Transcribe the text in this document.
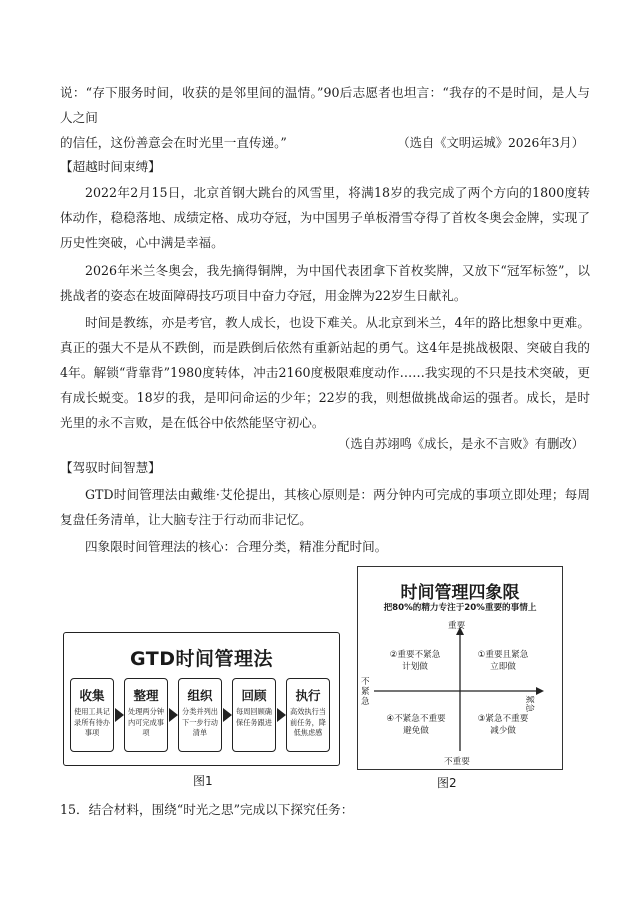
说：“存下服务时间，收获的是邻里间的温情。”90后志愿者也坦言：“我存的不是时间，是人与人之间
的信任，这份善意会在时光里一直传递。”	（选自《文明运城》2026年3月）
【超越时间束缚】

2022年2月15日，北京首钢大跳台的风雪里，将满18岁的我完成了两个方向的1800度转体动作，稳稳落地、成绩定格、成功夺冠，为中国男子单板滑雪夺得了首枚冬奥会金牌，实现了历史性突破，心中满是幸福。

2026年米兰冬奥会，我先摘得铜牌，为中国代表团拿下首枚奖牌，又放下“冠军标签”，以挑战者的姿态在坡面障碍技巧项目中奋力夺冠，用金牌为22岁生日献礼。

时间是教练，亦是考官，教人成长，也设下难关。从北京到米兰，4年的路比想象中更难。真正的强大不是从不跌倒，而是跌倒后依然有重新站起的勇气。这4年是挑战极限、突破自我的4年。解锁“背靠背”1980度转体，冲击2160度极限难度动作……我实现的不只是技术突破，更有成长蜕变。18岁的我，是叩问命运的少年；22岁的我，则想做挑战命运的强者。成长，是时光里的永不言败，是在低谷中依然能坚守初心。

（选自苏翊鸣《成长，是永不言败》有删改）
【驾驭时间智慧】

GTD时间管理法由戴维·艾伦提出，其核心原则是：两分钟内可完成的事项立即处理；每周复盘任务清单，让大脑专注于行动而非记忆。

四象限时间管理法的核心：合理分类，精准分配时间。

GTD时间管理法
收集
使用工具记录所有待办事项
整理
处理两分钟内可完成事项
组织
分类并列出下一步行动清单
回顾
每周回顾确保任务跟进
执行
高效执行当前任务，降低焦虑感
图1
时间管理四象限
把80%的精力专注于20%重要的事情上
重要
不重要
不紧急	紧急
②重要不紧急
计划做
①重要且紧急
立即做
④不紧急不重要
避免做
③紧急不重要
减少做
图2
15．结合材料，围绕“时光之思”完成以下探究任务：
